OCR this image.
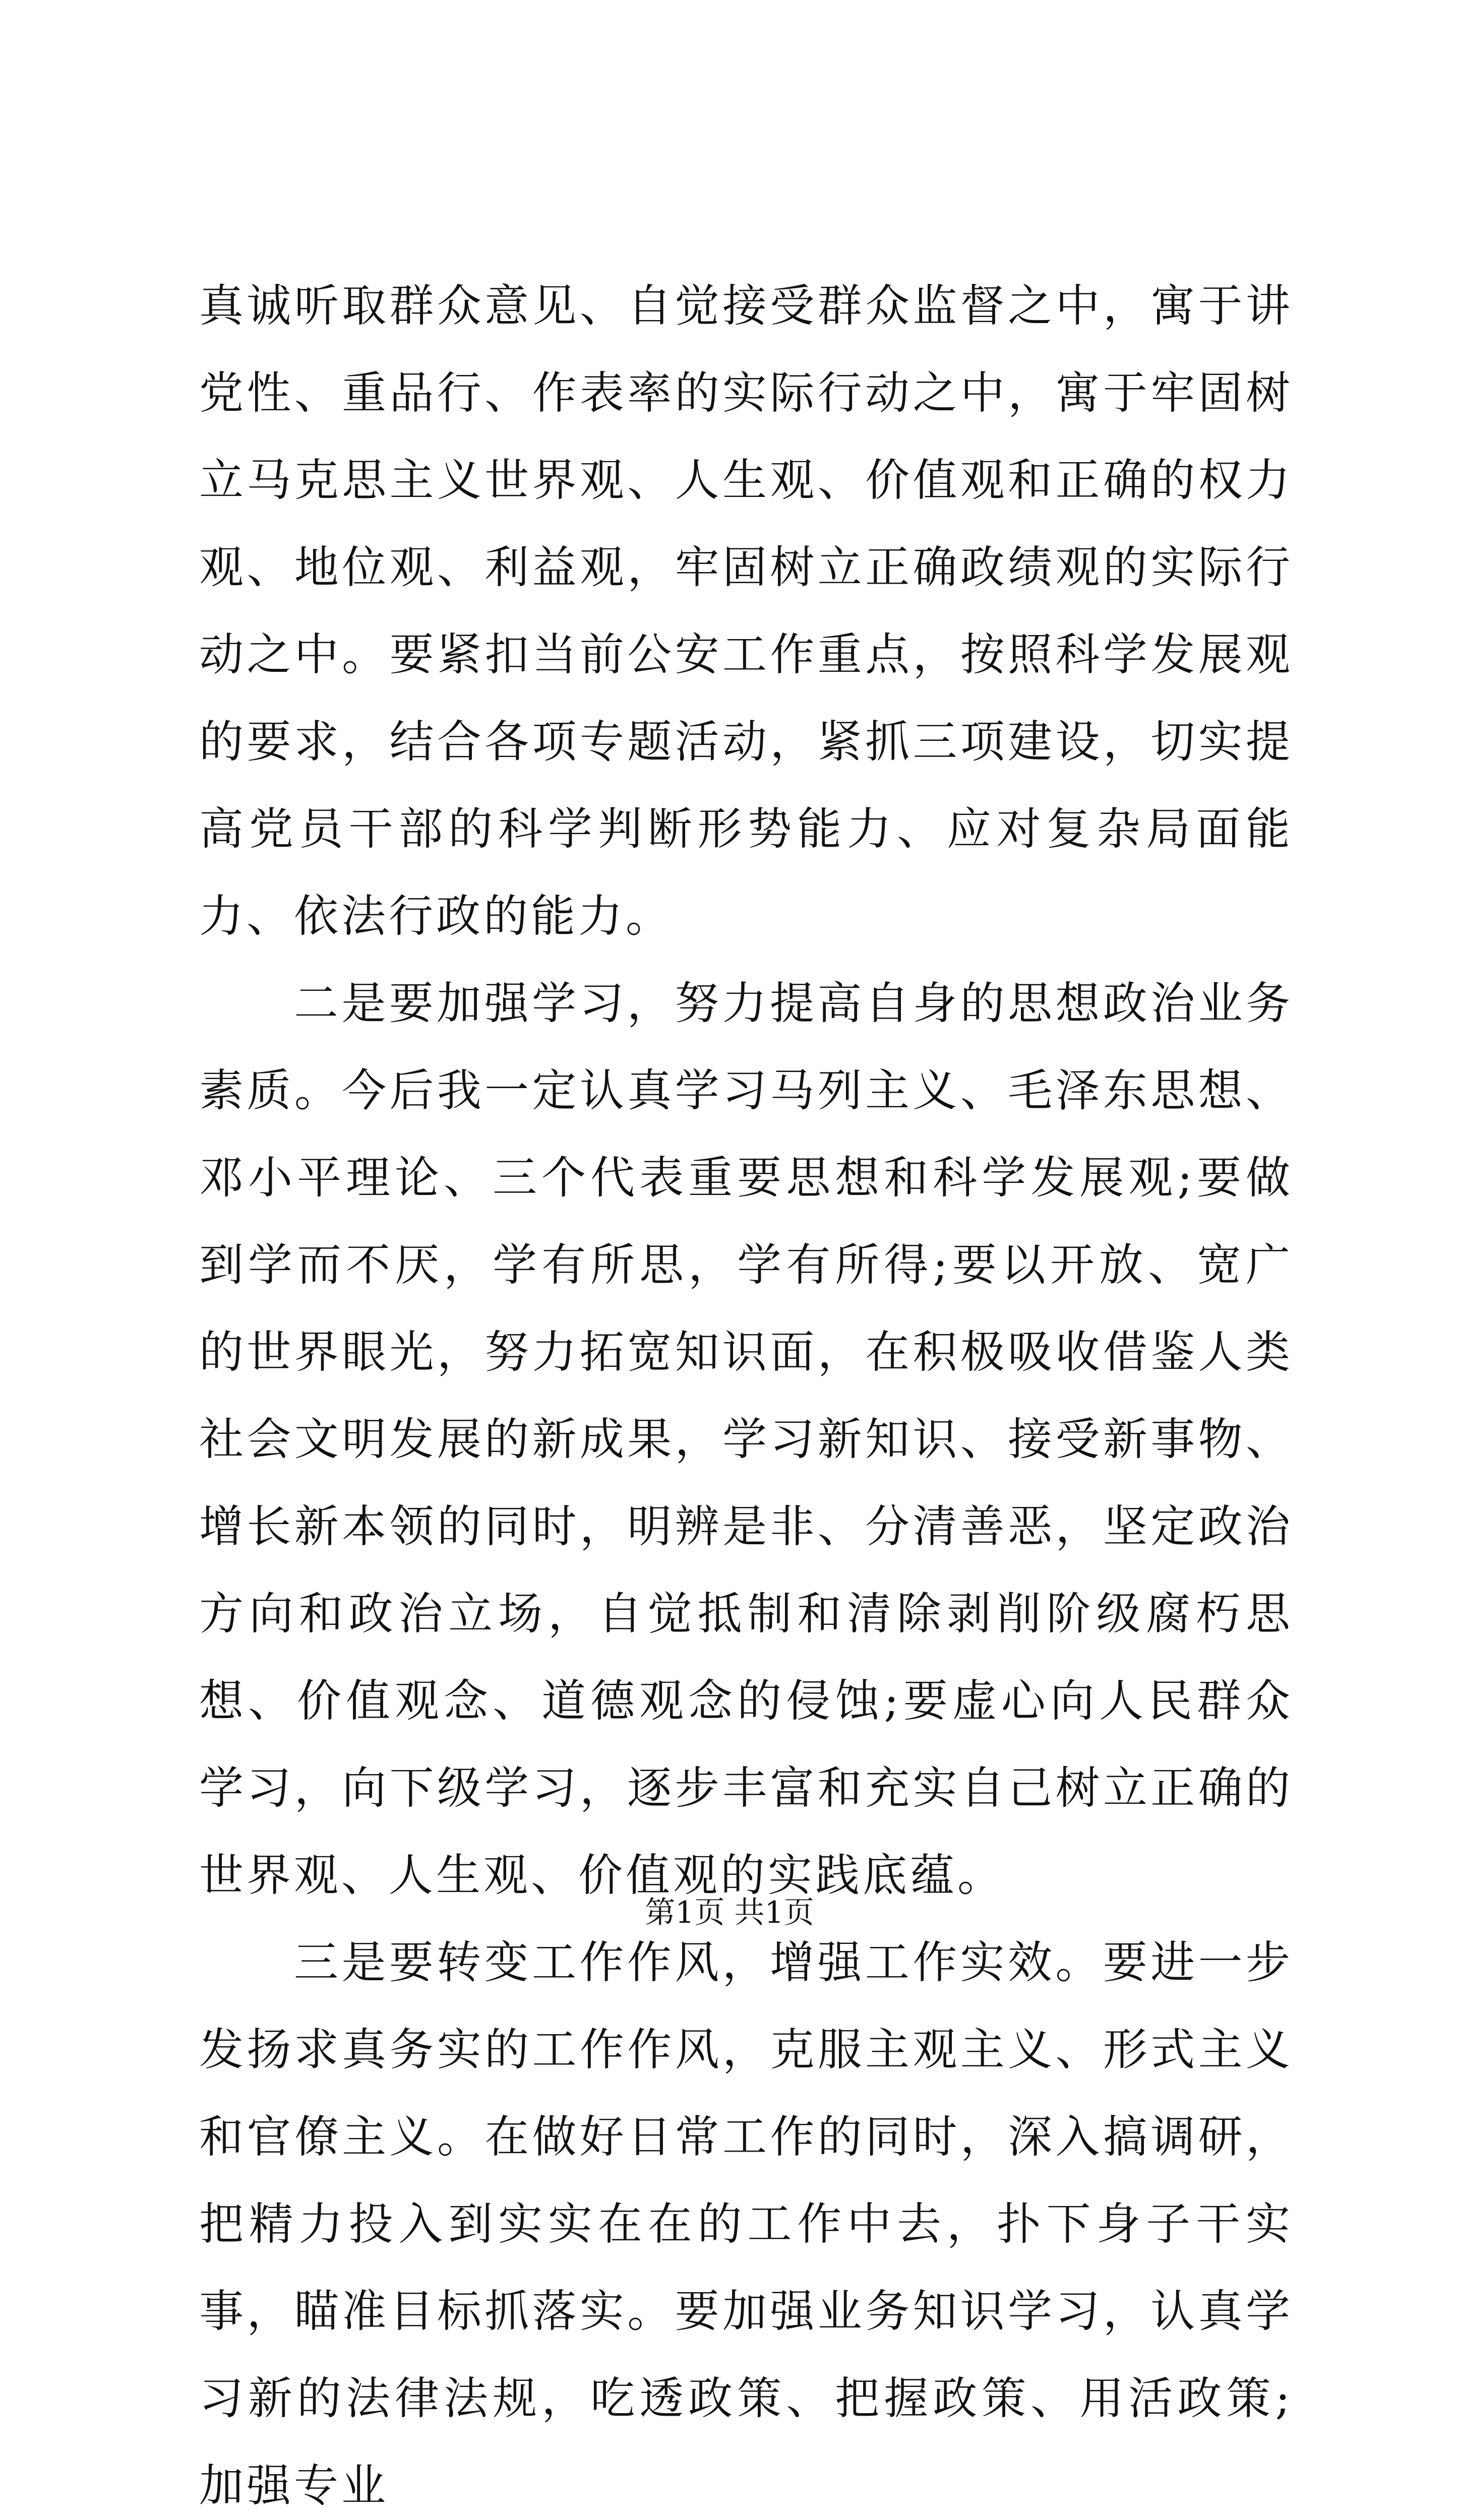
真诚听取群众意见、自觉接受群众监督之中，寓于讲党性、重品行、作表率的实际行动之中，寓于牢固树立马克思主义世界观、人生观、价值观和正确的权力观、地位观、利益观，牢固树立正确政绩观的实际行动之中。要紧扣当前公安工作重点，按照科学发展观的要求，结合各项专题活动，紧抓三项建设，切实提高党员干部的科学判断形势能力、应对复杂局面能力、依法行政的能力。

二是要加强学习，努力提高自身的思想政治业务素质。今后我一定认真学习马列主义、毛泽东思想、邓小平理论、三个代表重要思想和科学发展观;要做到学而不厌，学有所思，学有所得;要以开放、宽广的世界眼光，努力拓宽知识面，在积极吸收借鉴人类社会文明发展的新成果，学习新知识、接受新事物、增长新本领的同时，明辨是非、分清善恶，坚定政治方向和政治立场，自觉抵制和清除剥削阶级腐朽思想、价值观念、道德观念的侵蚀;要虚心向人民群众学习，向下级学习，逐步丰富和充实自己树立正确的世界观、人生观、价值观的实践底蕴。

三是要转变工作作风，增强工作实效。要进一步发扬求真务实的工作作风，克服主观主义、形式主义和官僚主义。在做好日常工作的同时，深入搞调研，把精力投入到实实在在的工作中去，扑下身子干实事，瞄准目标抓落实。要加强业务知识学习，认真学习新的法律法规，吃透政策、把握政策、用活政策;加强专业

第1页 共1页
